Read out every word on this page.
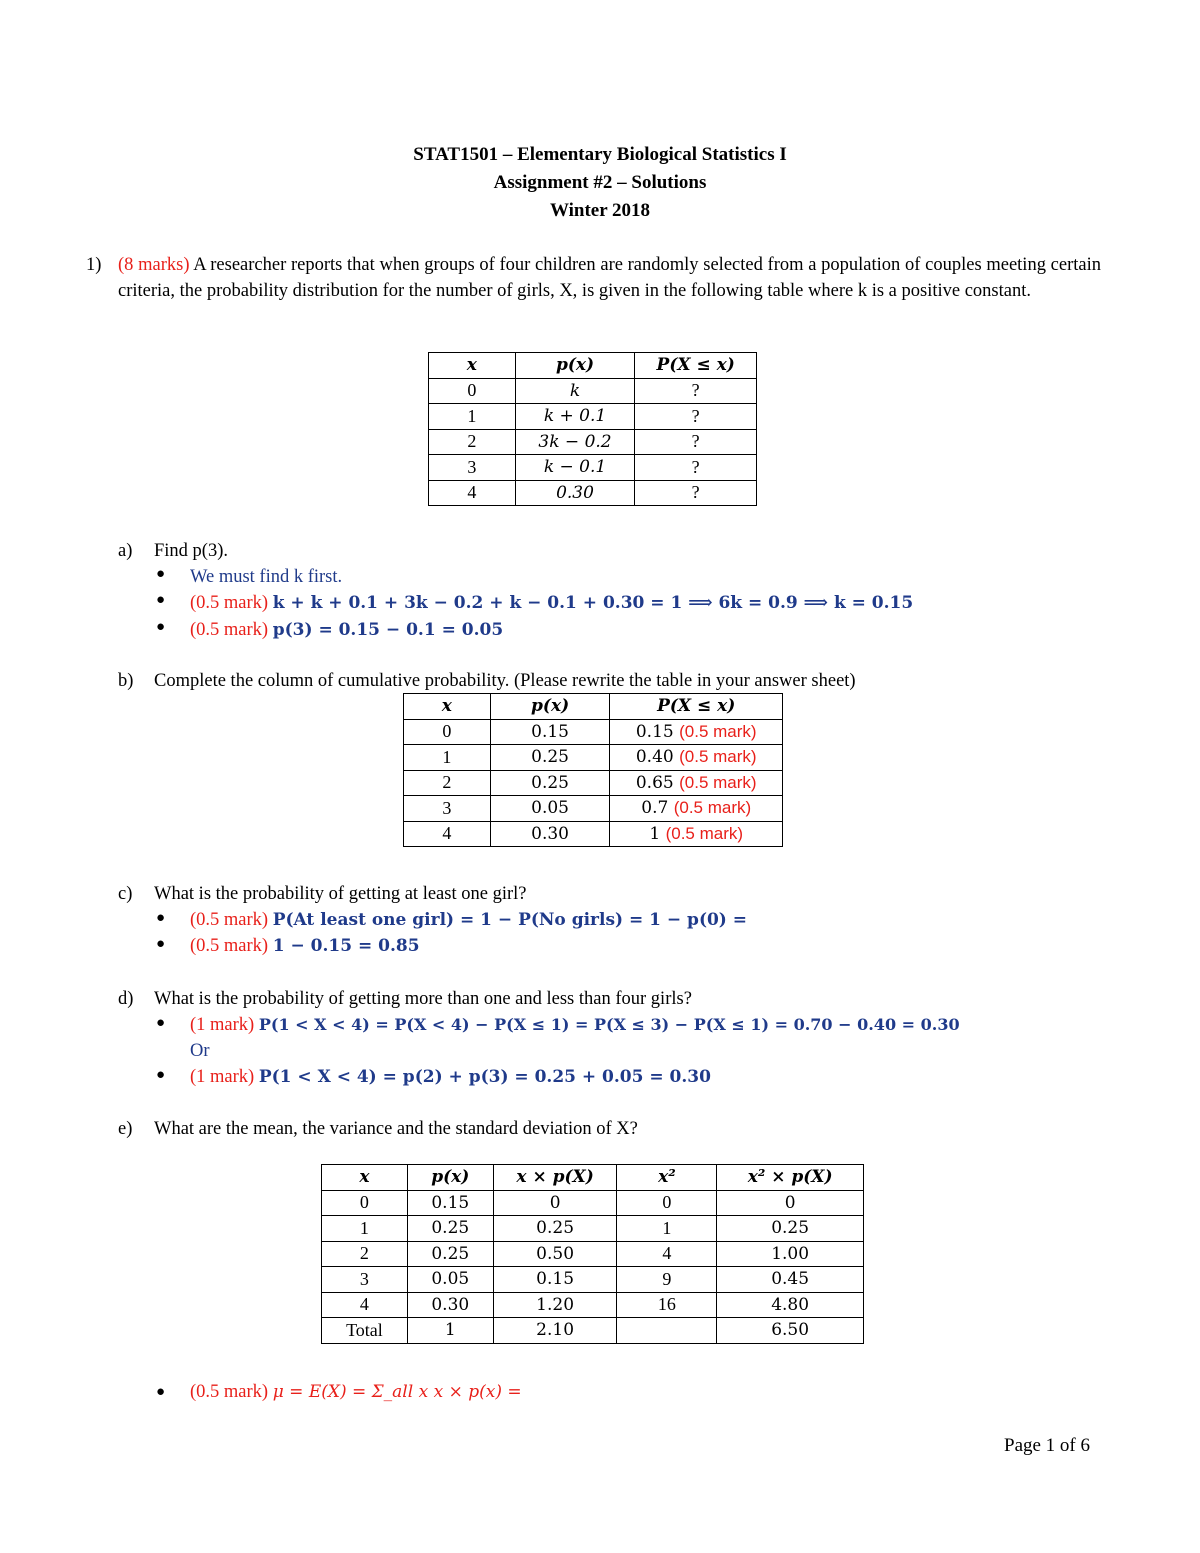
STAT1501 – Elementary Biological Statistics I
Assignment #2 – Solutions
Winter 2018
1) (8 marks) A researcher reports that when groups of four children are randomly selected from a population of couples meeting certain criteria, the probability distribution for the number of girls, X, is given in the following table where k is a positive constant.
x	p(x)	P(X ≤ x)
0	k	?
1	k + 0.1	?
2	3k − 0.2	?
3	k − 0.1	?
4	0.30	?
a) Find p(3).
● We must find k first.
● (0.5 mark) k + k + 0.1 + 3k − 0.2 + k − 0.1 + 0.30 = 1 ⟹ 6k = 0.9 ⟹ k = 0.15
● (0.5 mark) p(3) = 0.15 − 0.1 = 0.05
b) Complete the column of cumulative probability. (Please rewrite the table in your answer sheet)
x	p(x)	P(X ≤ x)
0	0.15	0.15 (0.5 mark)
1	0.25	0.40 (0.5 mark)
2	0.25	0.65 (0.5 mark)
3	0.05	0.7 (0.5 mark)
4	0.30	1 (0.5 mark)
c) What is the probability of getting at least one girl?
● (0.5 mark) P(At least one girl) = 1 − P(No girls) = 1 − p(0) =
● (0.5 mark) 1 − 0.15 = 0.85
d) What is the probability of getting more than one and less than four girls?
● (1 mark) P(1 < X < 4) = P(X < 4) − P(X ≤ 1) = P(X ≤ 3) − P(X ≤ 1) = 0.70 − 0.40 = 0.30
Or
● (1 mark) P(1 < X < 4) = p(2) + p(3) = 0.25 + 0.05 = 0.30
e) What are the mean, the variance and the standard deviation of X?
x	p(x)	x × p(X)	x²	x² × p(X)
0	0.15	0	0	0
1	0.25	0.25	1	0.25
2	0.25	0.50	4	1.00
3	0.05	0.15	9	0.45
4	0.30	1.20	16	4.80
Total	1	2.10		6.50
● (0.5 mark) μ = E(X) = Σ_all x x × p(x) =
Page 1 of 6
